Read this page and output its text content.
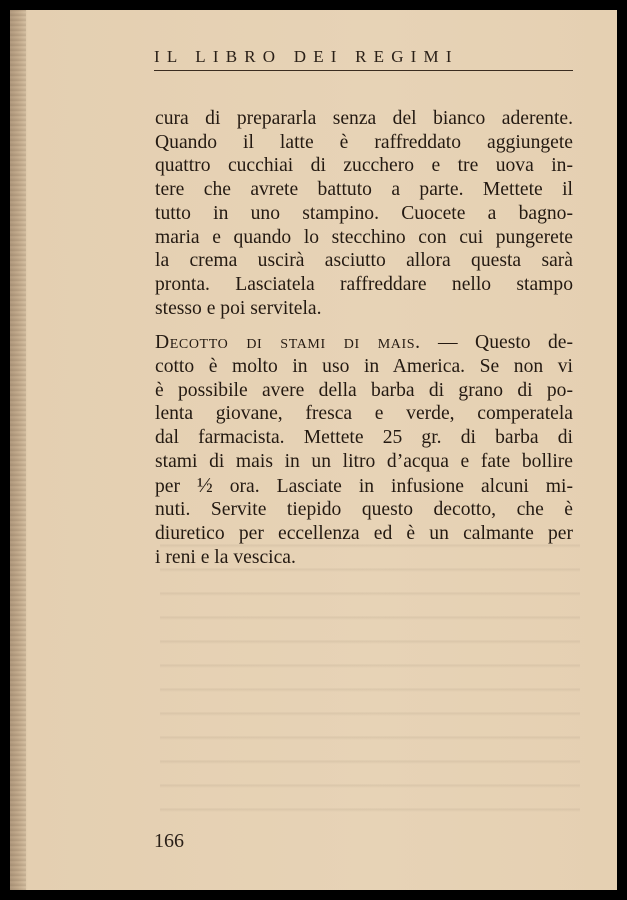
IL LIBRO DEI REGIMI
cura di prepararla senza del bianco aderente.
Quando il latte è raffreddato aggiungete
quattro cucchiai di zucchero e tre uova in-
tere che avrete battuto a parte. Mettete il
tutto in uno stampino. Cuocete a bagno-
maria e quando lo stecchino con cui pungerete
la crema uscirà asciutto allora questa sarà
pronta. Lasciatela raffreddare nello stampo
stesso e poi servitela.
Decotto di stami di mais. — Questo de-
cotto è molto in uso in America. Se non vi
è possibile avere della barba di grano di po-
lenta giovane, fresca e verde, comperatela
dal farmacista. Mettete 25 gr. di barba di
stami di mais in un litro d’acqua e fate bollire
per ½ ora. Lasciate in infusione alcuni mi-
nuti. Servite tiepido questo decotto, che è
diuretico per eccellenza ed è un calmante per
i reni e la vescica.
166
